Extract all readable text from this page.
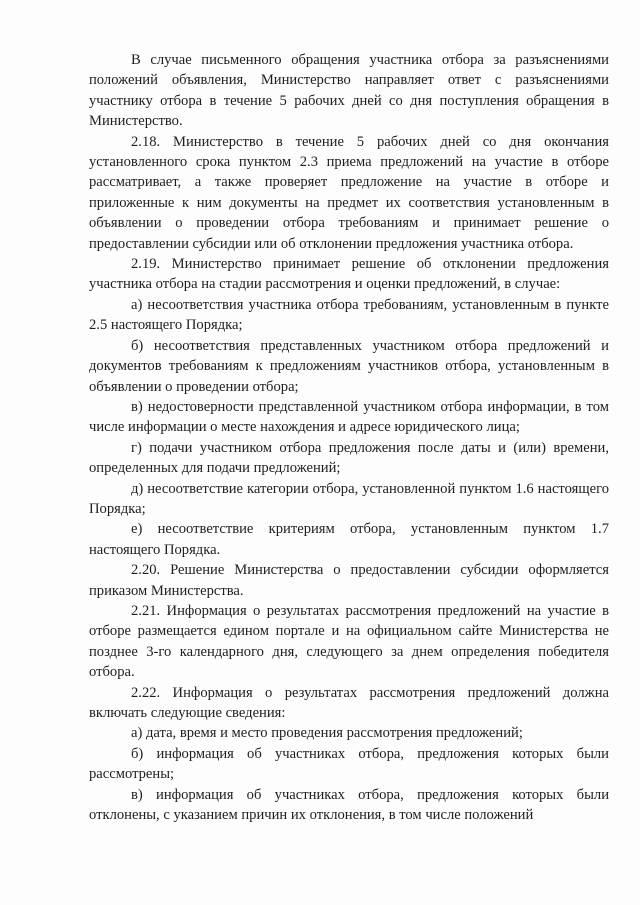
В случае письменного обращения участника отбора за разъяснениями положений объявления, Министерство направляет ответ с разъяснениями участнику отбора в течение 5 рабочих дней со дня поступления обращения в Министерство.

2.18. Министерство в течение 5 рабочих дней со дня окончания установленного срока пунктом 2.3 приема предложений на участие в отборе рассматривает, а также проверяет предложение на участие в отборе и приложенные к ним документы на предмет их соответствия установленным в объявлении о проведении отбора требованиям и принимает решение о предоставлении субсидии или об отклонении предложения участника отбора.

2.19. Министерство принимает решение об отклонении предложения участника отбора на стадии рассмотрения и оценки предложений, в случае:

а) несоответствия участника отбора требованиям, установленным в пункте 2.5 настоящего Порядка;

б) несоответствия представленных участником отбора предложений и документов требованиям к предложениям участников отбора, установленным в объявлении о проведении отбора;

в) недостоверности представленной участником отбора информации, в том числе информации о месте нахождения и адресе юридического лица;

г) подачи участником отбора предложения после даты и (или) времени, определенных для подачи предложений;

д) несоответствие категории отбора, установленной пунктом 1.6 настоящего Порядка;

е) несоответствие критериям отбора, установленным пунктом 1.7 настоящего Порядка.

2.20. Решение Министерства о предоставлении субсидии оформляется приказом Министерства.

2.21. Информация о результатах рассмотрения предложений на участие в отборе размещается едином портале и на официальном сайте Министерства не позднее 3-го календарного дня, следующего за днем определения победителя отбора.

2.22. Информация о результатах рассмотрения предложений должна включать следующие сведения:

а) дата, время и место проведения рассмотрения предложений;

б) информация об участниках отбора, предложения которых были рассмотрены;

в) информация об участниках отбора, предложения которых были отклонены, с указанием причин их отклонения, в том числе положений
